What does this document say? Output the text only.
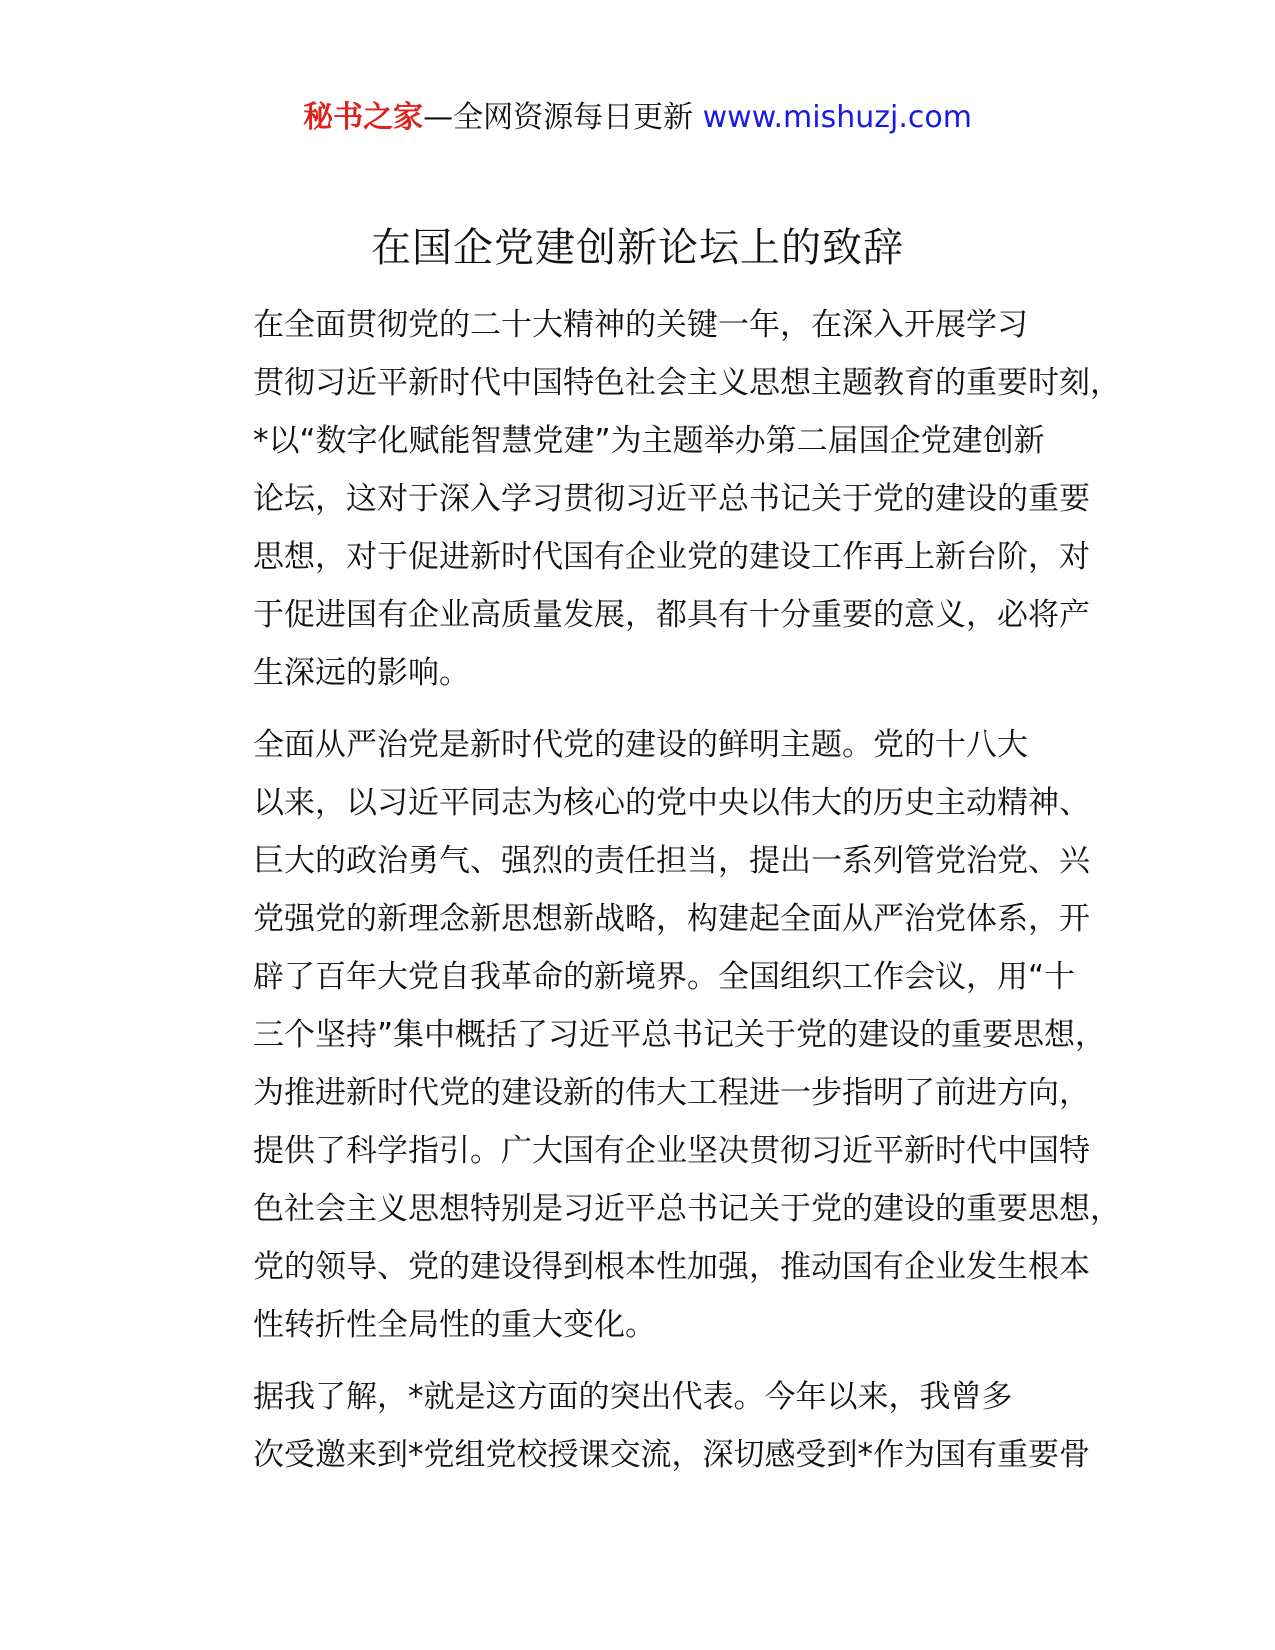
秘书之家—全网资源每日更新 www.mishuzj.com
在国企党建创新论坛上的致辞

在全面贯彻党的二十大精神的关键一年，在深入开展学习
贯彻习近平新时代中国特色社会主义思想主题教育的重要时刻，
*以“数字化赋能智慧党建”为主题举办第二届国企党建创新
论坛，这对于深入学习贯彻习近平总书记关于党的建设的重要
思想，对于促进新时代国有企业党的建设工作再上新台阶，对
于促进国有企业高质量发展，都具有十分重要的意义，必将产
生深远的影响。

全面从严治党是新时代党的建设的鲜明主题。党的十八大
以来，以习近平同志为核心的党中央以伟大的历史主动精神、
巨大的政治勇气、强烈的责任担当，提出一系列管党治党、兴
党强党的新理念新思想新战略，构建起全面从严治党体系，开
辟了百年大党自我革命的新境界。全国组织工作会议，用“十
三个坚持”集中概括了习近平总书记关于党的建设的重要思想，
为推进新时代党的建设新的伟大工程进一步指明了前进方向，
提供了科学指引。广大国有企业坚决贯彻习近平新时代中国特
色社会主义思想特别是习近平总书记关于党的建设的重要思想，
党的领导、党的建设得到根本性加强，推动国有企业发生根本
性转折性全局性的重大变化。

据我了解，*就是这方面的突出代表。今年以来，我曾多
次受邀来到*党组党校授课交流，深切感受到*作为国有重要骨
